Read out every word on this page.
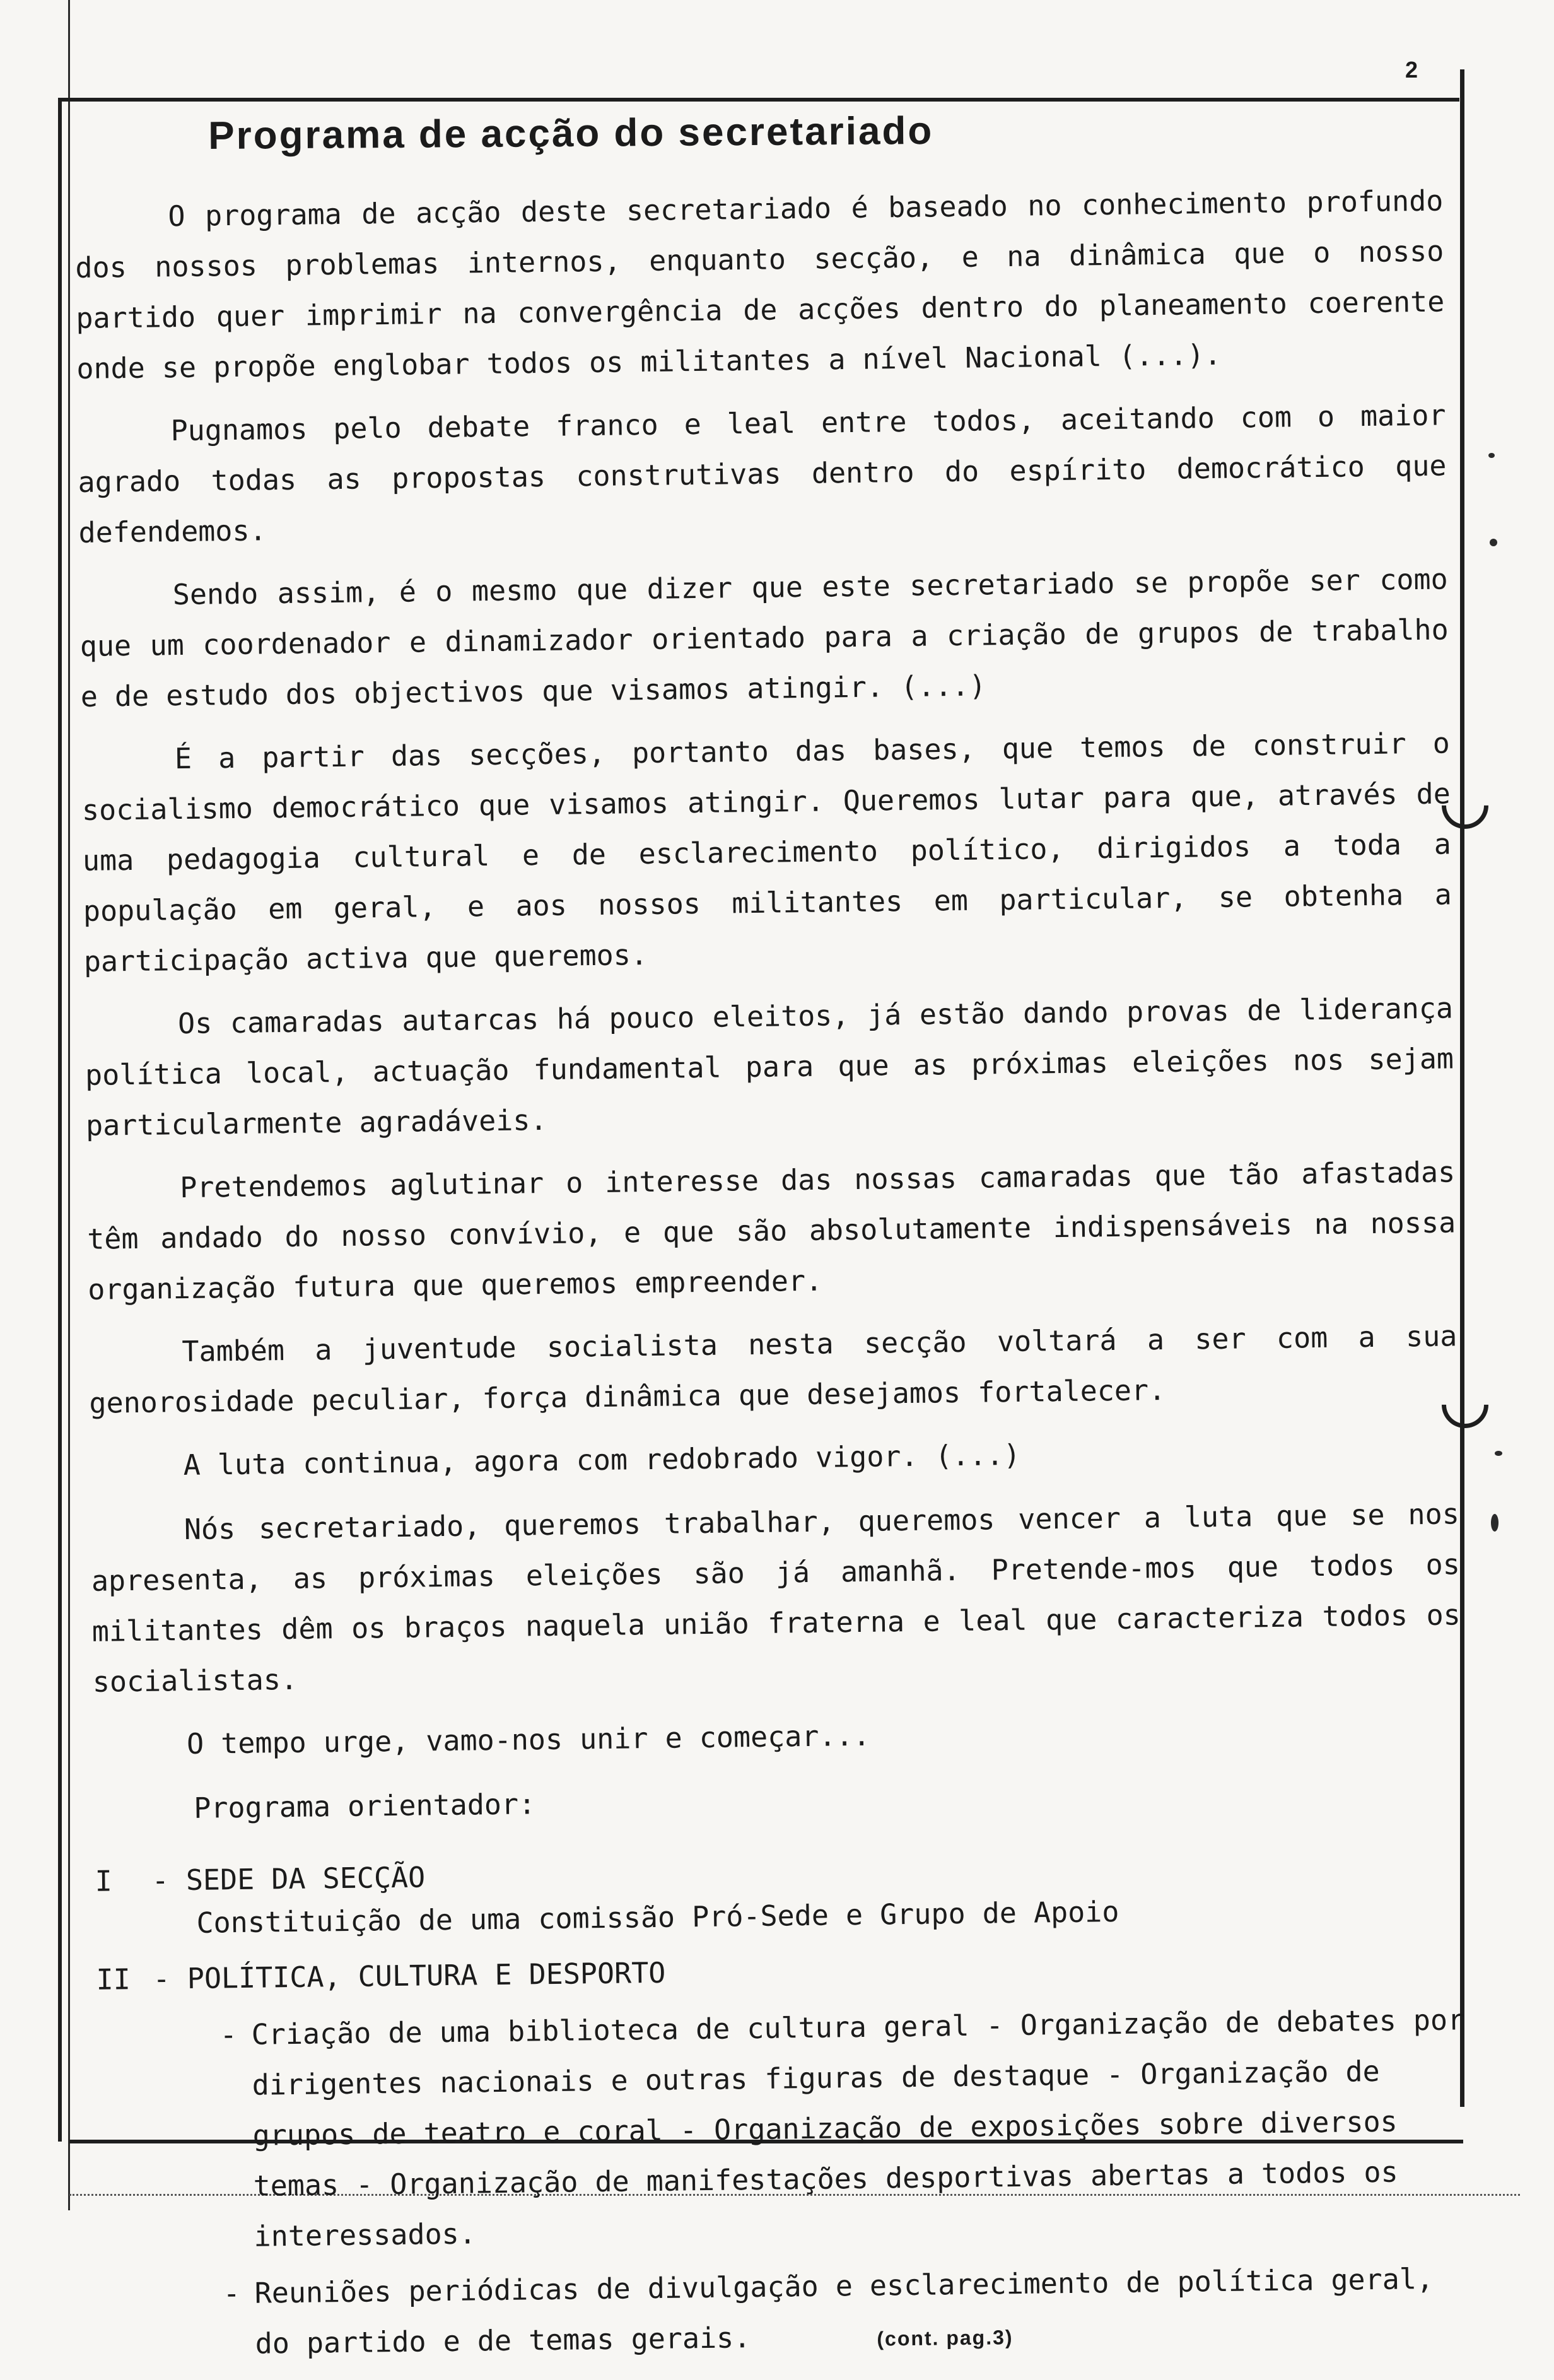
2
Programa de acção do secretariado

O programa de acção deste secretariado é baseado no conhecimento profundo dos nossos problemas internos, enquanto secção, e na dinâmica que o nosso partido quer imprimir na convergência de acções dentro do planeamento coerente onde se propõe englobar todos os militantes a nível Nacional (...).

Pugnamos pelo debate franco e leal entre todos, aceitando com o maior agrado todas as propostas construtivas dentro do espírito democrático que defendemos.

Sendo assim, é o mesmo que dizer que este secretariado se propõe ser como que um coordenador e dinamizador orientado para a criação de grupos de trabalho e de estudo dos objectivos que visamos atingir. (...)

É a partir das secções, portanto das bases, que temos de construir o socialismo democrático que visamos atingir. Queremos lutar para que, através de uma pedagogia cultural e de esclarecimento político, dirigidos a toda a população em geral, e aos nossos militantes em particular, se obtenha a participação activa que queremos.

Os camaradas autarcas há pouco eleitos, já estão dando provas de liderança política local, actuação fundamental para que as próximas eleições nos sejam particularmente agradáveis.

Pretendemos aglutinar o interesse das nossas camaradas que tão afastadas têm andado do nosso convívio, e que são absolutamente indispensáveis na nossa organização futura que queremos empreender.

Também a juventude socialista nesta secção voltará a ser com a sua genorosidade peculiar, força dinâmica que desejamos fortalecer.

A luta continua, agora com redobrado vigor. (...)

Nós secretariado, queremos trabalhar, queremos vencer a luta que se nos apresenta, as próximas eleições são já amanhã. Pretende-mos que todos os militantes dêm os braços naquela união fraterna e leal que caracteriza todos os socialistas.

O tempo urge, vamo-nos unir e começar...

Programa orientador:

I	- SEDE DA SECÇÃO

Constituição de uma comissão Pró-Sede e Grupo de Apoio

II - POLÍTICA, CULTURA E DESPORTO
- Criação de uma biblioteca de cultura geral - Organização de debates por dirigentes nacionais e outras figuras de destaque - Organização de grupos de teatro e coral - Organização de exposições sobre diversos temas - Organização de manifestações desportivas abertas a todos os interessados.
- Reuniões periódicas de divulgação e esclarecimento de política geral, do partido e de temas gerais.	(cont. pag.3)
